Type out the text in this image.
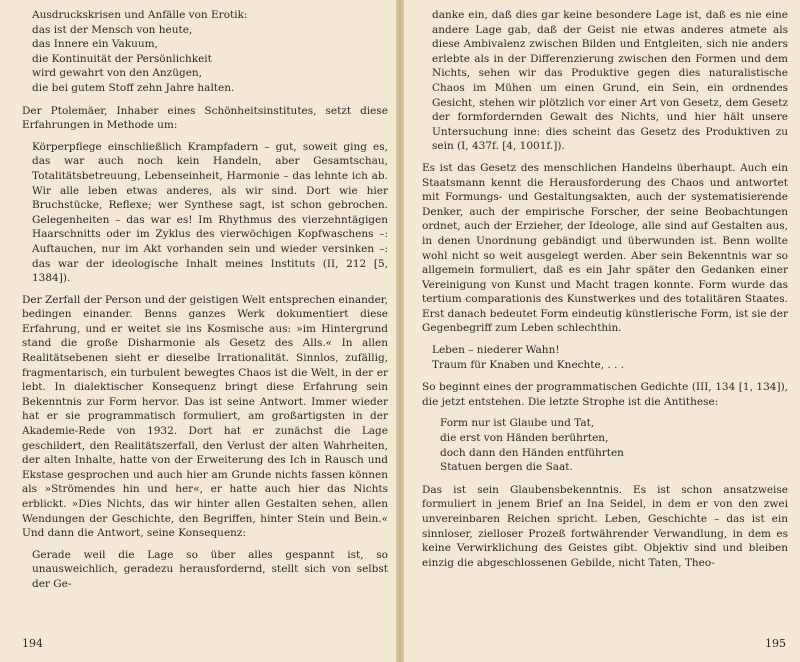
Ausdruckskrisen und Anfälle von Erotik:

das ist der Mensch von heute,

das Innere ein Vakuum,

die Kontinuität der Persönlichkeit

wird gewahrt von den Anzügen,

die bei gutem Stoff zehn Jahre halten.

Der Ptolemäer, Inhaber eines Schönheitsinstitutes, setzt diese Erfahrungen in Methode um:

Körperpflege einschließlich Krampfadern – gut, soweit ging es, das war auch noch kein Handeln, aber Gesamtschau, Totalitätsbetreuung, Lebenseinheit, Harmonie – das lehnte ich ab. Wir alle leben etwas anderes, als wir sind. Dort wie hier Bruchstücke, Reflexe; wer Synthese sagt, ist schon gebrochen. Gelegenheiten – das war es! Im Rhythmus des vierzehntägigen Haarschnitts oder im Zyklus des vierwöchigen Kopfwaschens –: Auftauchen, nur im Akt vorhanden sein und wieder versinken –: das war der ideologische Inhalt meines Instituts (II, 212 [5, 1384]).

Der Zerfall der Person und der geistigen Welt entsprechen einander, bedingen einander. Benns ganzes Werk dokumentiert diese Erfahrung, und er weitet sie ins Kosmische aus: »im Hintergrund stand die große Disharmonie als Gesetz des Alls.« In allen Realitätsebenen sieht er dieselbe Irrationalität. Sinnlos, zufällig, fragmentarisch, ein turbulent bewegtes Chaos ist die Welt, in der er lebt. In dialektischer Konsequenz bringt diese Erfahrung sein Bekenntnis zur Form hervor. Das ist seine Antwort. Immer wieder hat er sie programmatisch formuliert, am großartigsten in der Akademie-Rede von 1932. Dort hat er zunächst die Lage geschildert, den Realitätszerfall, den Verlust der alten Wahrheiten, der alten Inhalte, hatte von der Erweiterung des Ich in Rausch und Ekstase gesprochen und auch hier am Grunde nichts fassen können als »Strömendes hin und her«, er hatte auch hier das Nichts erblickt. »Dies Nichts, das wir hinter allen Gestalten sehen, allen Wendungen der Geschichte, den Begriffen, hinter Stein und Bein.« Und dann die Antwort, seine Konsequenz:

Gerade weil die Lage so über alles gespannt ist, so unausweichlich, geradezu herausfordernd, stellt sich von selbst der Ge-

194

danke ein, daß dies gar keine besondere Lage ist, daß es nie eine andere Lage gab, daß der Geist nie etwas anderes atmete als diese Ambivalenz zwischen Bilden und Entgleiten, sich nie anders erlebte als in der Differenzierung zwischen den Formen und dem Nichts, sehen wir das Produktive gegen dies naturalistische Chaos im Mühen um einen Grund, ein Sein, ein ordnendes Gesicht, stehen wir plötzlich vor einer Art von Gesetz, dem Gesetz der formfordernden Gewalt des Nichts, und hier hält unsere Untersuchung inne: dies scheint das Gesetz des Produktiven zu sein (I, 437f. [4, 1001f.]).

Es ist das Gesetz des menschlichen Handelns überhaupt. Auch ein Staatsmann kennt die Herausforderung des Chaos und antwortet mit Formungs- und Gestaltungsakten, auch der systematisierende Denker, auch der empirische Forscher, der seine Beobachtungen ordnet, auch der Erzieher, der Ideologe, alle sind auf Gestalten aus, in denen Unordnung gebändigt und überwunden ist. Benn wollte wohl nicht so weit ausgelegt werden. Aber sein Bekenntnis war so allgemein formuliert, daß es ein Jahr später den Gedanken einer Vereinigung von Kunst und Macht tragen konnte. Form wurde das tertium comparationis des Kunstwerkes und des totalitären Staates. Erst danach bedeutet Form eindeutig künstlerische Form, ist sie der Gegenbegriff zum Leben schlechthin.

Leben – niederer Wahn!

Traum für Knaben und Knechte, . . .

So beginnt eines der programmatischen Gedichte (III, 134 [1, 134]), die jetzt entstehen. Die letzte Strophe ist die Antithese:

Form nur ist Glaube und Tat,

die erst von Händen berührten,

doch dann den Händen entführten

Statuen bergen die Saat.

Das ist sein Glaubensbekenntnis. Es ist schon ansatzweise formuliert in jenem Brief an Ina Seidel, in dem er von den zwei unvereinbaren Reichen spricht. Leben, Geschichte – das ist ein sinnloser, zielloser Prozeß fortwährender Verwandlung, in dem es keine Verwirklichung des Geistes gibt. Objektiv sind und bleiben einzig die abgeschlossenen Gebilde, nicht Taten, Theo-

195
